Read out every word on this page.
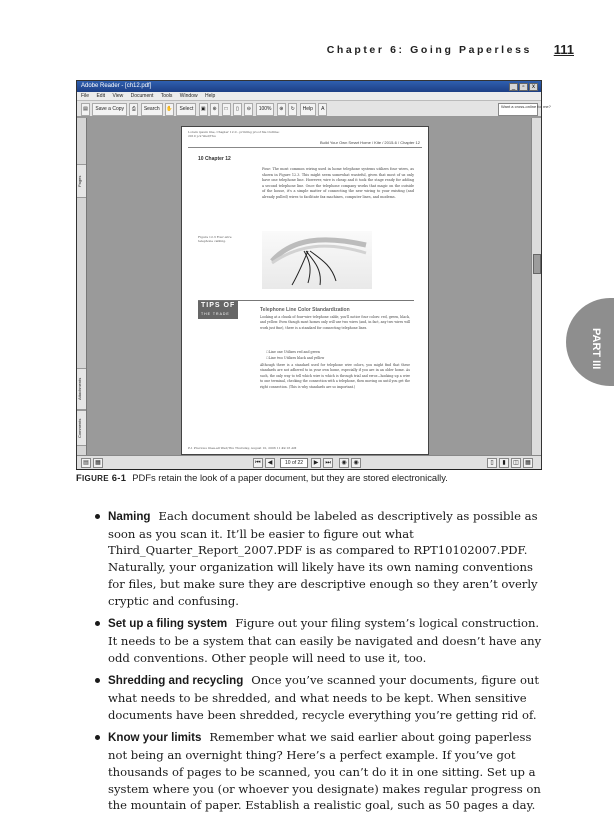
Chapter 6: Going Paperless 111
PART III
Adobe Reader - [ch12.pdf]	_ ▫ x
File Edit View Document Tools Window Help
▤ Save a Copy ⎙ Search ✋ Select ▣ ⊕ □ ▯ ⊖ 100% ⊕ ↻ Help A	Want a cross-online for me?
Pages
Attachments
Comments
Lorem ipsum line, Chapter 12.0 - printing proof file Outline: 2010 p.9 Wed/Thu
Build Your Own Smart Home / Kite / 2015-6 / Chapter 12
10 Chapter 12
Four: The most common wiring used in home telephone systems utilizes four wires, as shown in Figure 12.3. This might seem somewhat wasteful, given that most of us only have one telephone line. However, wire is cheap and it took the stage ready for adding a second telephone line. Once the telephone company works that magic on the outside of the house, it's a simple matter of connecting the new wiring to your existing (and already pulled) wires to facilitate fax machines, computer lines, and modems.
Figure 12.3 Four-wire telephone cabling.
TIPS OF
THE TRADE
Telephone Line Color Standardization
Looking at a chunk of four-wire telephone cable, you'll notice four colors: red, green, black, and yellow. Even though most homes only will use two wires (and, in fact, any two wires will work just fine), there is a standard for connecting telephone lines.
☐ Line one Utilizes red and green
☐ Line two Utilizes black and yellow
Although there is a standard used for telephone wire colors, you might find that these standards are not adhered to in your own home, especially if you are in an older home. As such, the only way to tell which wire is which is through trial and error—hooking up a wire to one terminal, checking the connection with a telephone, then moving on until you get the right connection. (This is why standards are so important.)
P-1 Previous lines-all Wed/Thu Thursday, August 10, 2006 11:49:16 AM
▤ ▦	⏮ ◀	10 of 22 ▶ ⏭ ◉ ◉	▯ ▮ ◫ ▦
FIGURE 6-1 PDFs retain the look of a paper document, but they are stored electronically.
Naming Each document should be labeled as descriptively as possible as soon as you scan it. It’ll be easier to figure out what Third_Quarter_Report_2007.PDF is as compared to RPT10102007.PDF. Naturally, your organization will likely have its own naming conventions for files, but make sure they are descriptive enough so they aren’t overly cryptic and confusing.
Set up a filing system Figure out your filing system’s logical construction. It needs to be a system that can easily be navigated and doesn’t have any odd conventions. Other people will need to use it, too.
Shredding and recycling Once you’ve scanned your documents, figure out what needs to be shredded, and what needs to be kept. When sensitive documents have been shredded, recycle everything you’re getting rid of.
Know your limits Remember what we said earlier about going paperless not being an overnight thing? Here’s a perfect example. If you’ve got thousands of pages to be scanned, you can’t do it in one sitting. Set up a system where you (or whoever you designate) makes regular progress on the mountain of paper. Establish a realistic goal, such as 50 pages a day.
